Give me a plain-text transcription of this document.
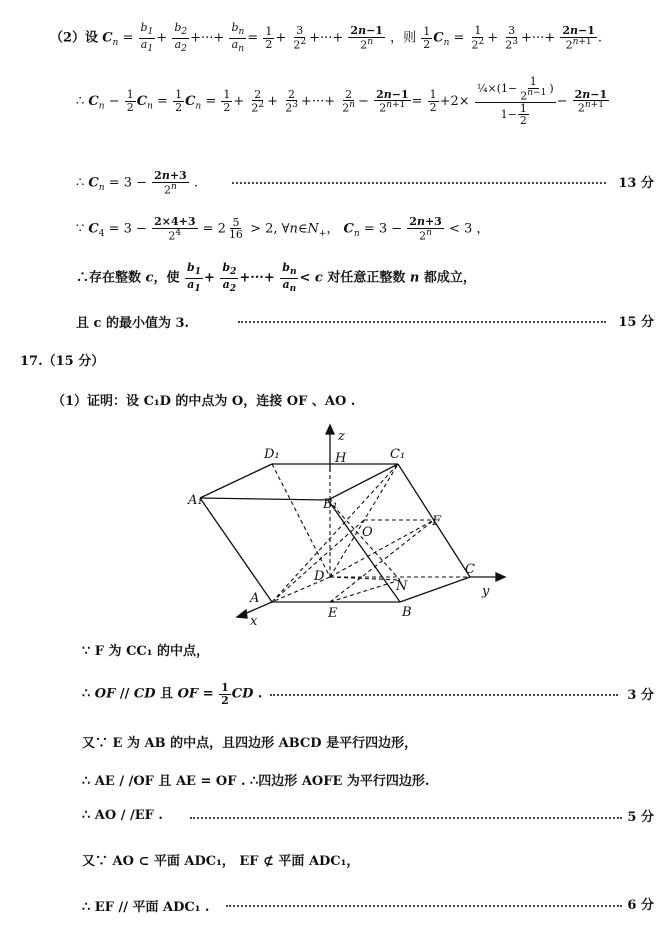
（2）设 $C_n = \frac{b_1}{a_1} + \frac{b_2}{a_2}$ +···+ $\frac{b_n}{a_n} = \frac{1}{2} + \frac{3}{2^2}$ +···+ $\frac{2n-1}{2^n}$ ，则 $\frac{1}{2} C_n = \frac{1}{2^2} + \frac{3}{2^3}$ +···+ $\frac{2n-1}{2^{n+1}}$ .
∴ $C_n - \frac{1}{2} C_n = \frac{1}{2} C_n = \frac{1}{2} + \frac{2}{2^2} + \frac{2}{2^3}$ +···+ $\frac{2}{2^n} - \frac{2n-1}{2^{n+1}} = \frac{1}{2} +2\times \frac{\frac{1}{4}\times(1- \frac{1}{2^{n-1}} )}{1- \frac{1}{2}} - \frac{2n-1}{2^{n+1}}$
∴ $C_n = 3 - \frac{2n+3}{2^n}$ .	13 分
∵ $C_4 = 3 - \frac{2\times 4+3}{2^4} = 2 \frac{5}{16} > 2$, $\forall n\in N_+$， $C_n = 3 - \frac{2n+3}{2^n} < 3$ ，
∴存在整数 c，使 $\frac{b_1}{a_1} + \frac{b_2}{a_2}$ +···+ $\frac{b_n}{a_n} < c$ 对任意正整数 n 都成立，
且 c 的最小值为 3.	15 分
17.（15 分）
（1）证明：设 C₁D 的中点为 O，连接 OF 、AO .
z
H
D₁	C₁
A₁	B₁
O
F
D
N
C
y
A
x
E	B
∵ F 为 CC₁ 的中点，
∴ OF // CD 且 OF = $\frac{1}{2}$ CD .	3 分
又∵ E 为 AB 的中点，且四边形 ABCD 是平行四边形，
∴ AE / /OF 且 AE = OF . ∴四边形 AOFE 为平行四边形.
∴ AO / /EF .	5 分
又∵ AO ⊂ 平面 ADC₁， EF ⊄ 平面 ADC₁，
∴ EF // 平面 ADC₁ .	6 分
